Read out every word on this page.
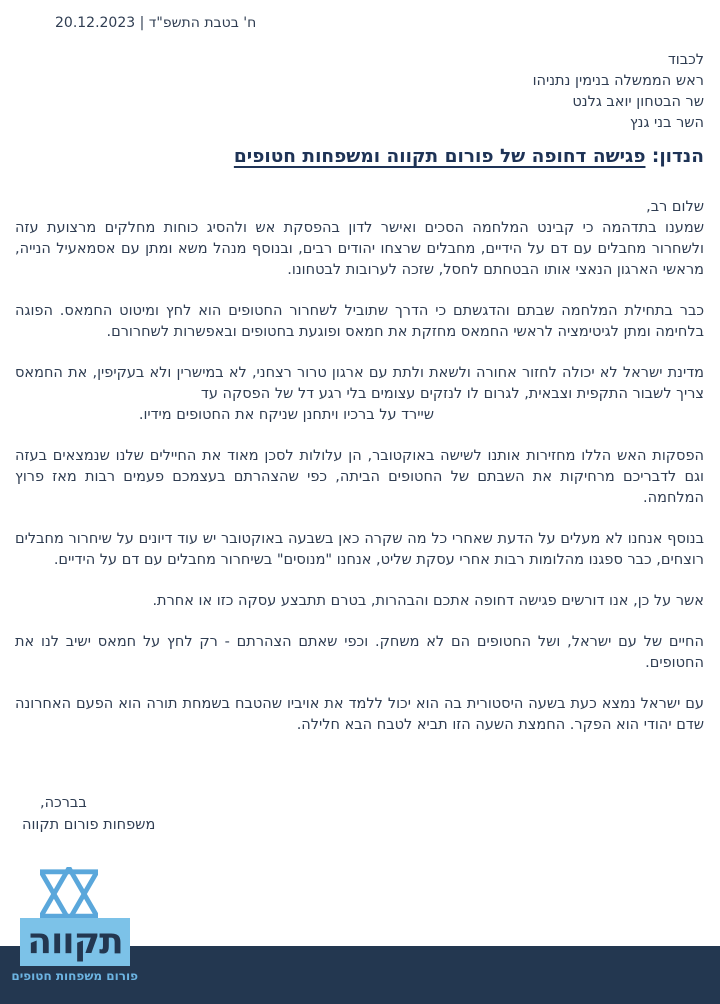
ח' בטבת התשפ"ד | 20.12.2023
לכבוד
ראש הממשלה בנימין נתניהו
שר הבטחון יואב גלנט
השר בני גנץ
הנדון: פגישה דחופה של פורום תקווה ומשפחות חטופים
שלום רב,
שמענו בתדהמה כי קבינט המלחמה הסכים ואישר לדון בהפסקת אש ולהסיג כוחות מחלקים מרצועת עזה ולשחרור מחבלים עם דם על הידיים, מחבלים שרצחו יהודים רבים, ובנוסף מנהל משא ומתן עם אסמאעיל הנייה, מראשי הארגון הנאצי אותו הבטחתם לחסל, שזכה לערובות לבטחונו.
כבר בתחילת המלחמה שבתם והדגשתם כי הדרך שתוביל לשחרור החטופים הוא לחץ ומיטוט החמאס. הפוגה בלחימה ומתן לגיטימציה לראשי החמאס מחזקת את חמאס ופוגעת בחטופים ובאפשרות לשחרורם.
מדינת ישראל לא יכולה לחזור אחורה ולשאת ולתת עם ארגון טרור רצחני, לא במישרין ולא בעקיפין, את החמאס צריך לשבור התקפית וצבאית, לגרום לו לנזקים עצומים בלי רגע דל של הפסקה עד
שיירד על ברכיו ויתחנן שניקח את החטופים מידיו.
הפסקות האש הללו מחזירות אותנו לשישה באוקטובר, הן עלולות לסכן מאוד את החיילים שלנו שנמצאים בעזה וגם לדבריכם מרחיקות את השבתם של החטופים הביתה, כפי שהצהרתם בעצמכם פעמים רבות מאז פרוץ המלחמה.
בנוסף אנחנו לא מעלים על הדעת שאחרי כל מה שקרה כאן בשבעה באוקטובר יש עוד דיונים על שיחרור מחבלים רוצחים, כבר ספגנו מהלומות רבות אחרי עסקת שליט, אנחנו "מנוסים" בשיחרור מחבלים עם דם על הידיים.
אשר על כן, אנו דורשים פגישה דחופה אתכם והבהרות, בטרם תתבצע עסקה כזו או אחרת.
החיים של עם ישראל, ושל החטופים הם לא משחק. וכפי שאתם הצהרתם - רק לחץ על חמאס ישיב לנו את החטופים.
עם ישראל נמצא כעת בשעה היסטורית בה הוא יכול ללמד את אויביו שהטבח בשמחת תורה הוא הפעם האחרונה שדם יהודי הוא הפקר. החמצת השעה הזו תביא לטבח הבא חלילה.
בברכה,
משפחות פורום תקווה
תקווה
פורום משפחות חטופים
